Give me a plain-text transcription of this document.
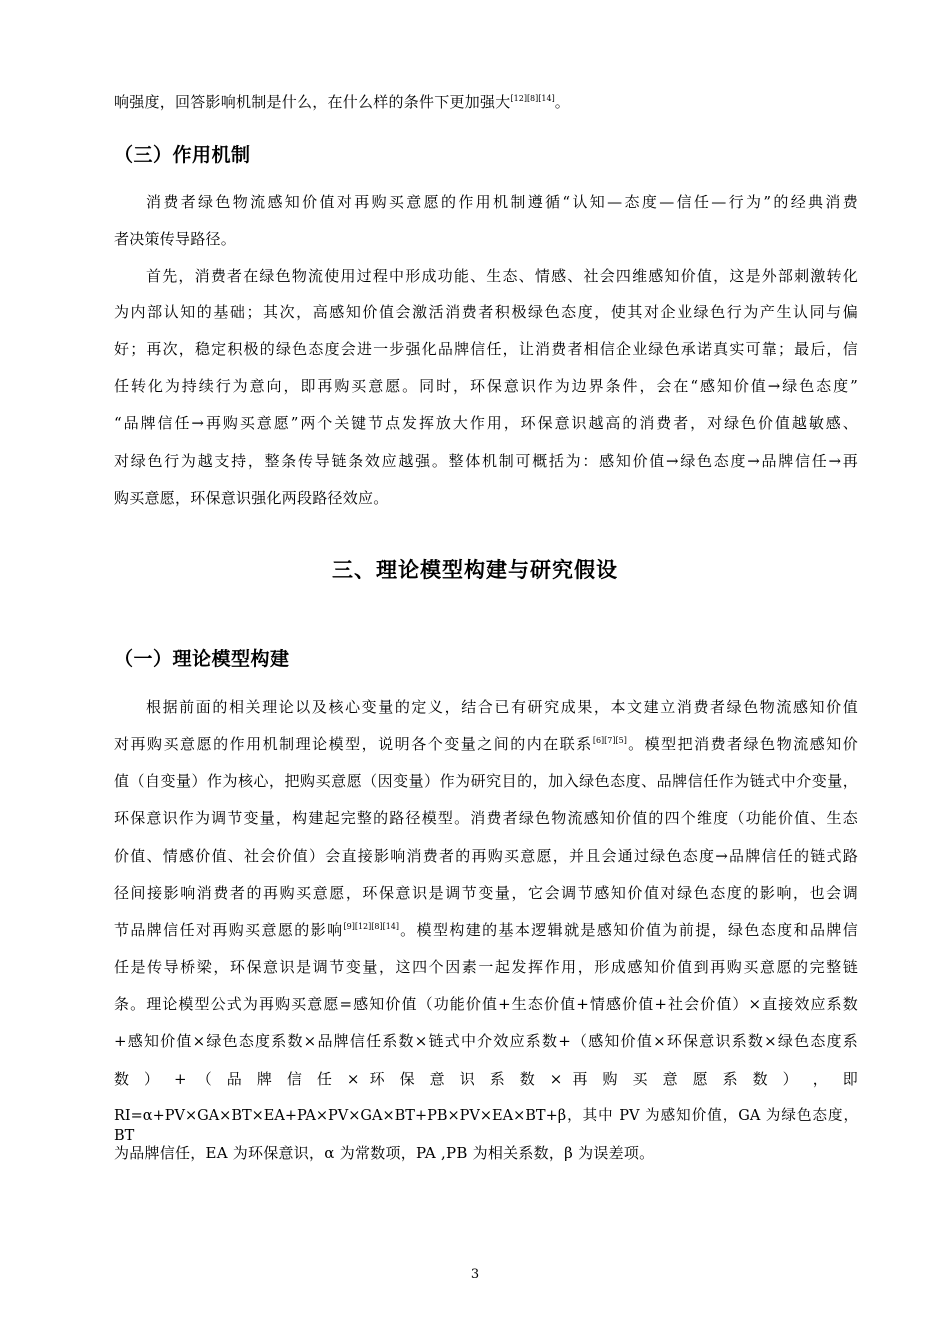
响强度，回答影响机制是什么，在什么样的条件下更加强大[12][8][14]。
（三）作用机制
消费者绿色物流感知价值对再购买意愿的作用机制遵循“认知—态度—信任—行为”的经典消费
者决策传导路径。
首先，消费者在绿色物流使用过程中形成功能、生态、情感、社会四维感知价值，这是外部刺激转化
为内部认知的基础；其次，高感知价值会激活消费者积极绿色态度，使其对企业绿色行为产生认同与偏
好；再次，稳定积极的绿色态度会进一步强化品牌信任，让消费者相信企业绿色承诺真实可靠；最后，信
任转化为持续行为意向，即再购买意愿。同时，环保意识作为边界条件，会在“感知价值→绿色态度”
“品牌信任→再购买意愿”两个关键节点发挥放大作用，环保意识越高的消费者，对绿色价值越敏感、
对绿色行为越支持，整条传导链条效应越强。整体机制可概括为：感知价值→绿色态度→品牌信任→再
购买意愿，环保意识强化两段路径效应。
三、理论模型构建与研究假设
（一）理论模型构建
根据前面的相关理论以及核心变量的定义，结合已有研究成果，本文建立消费者绿色物流感知价值
对再购买意愿的作用机制理论模型，说明各个变量之间的内在联系[6][7][5]。模型把消费者绿色物流感知价
值（自变量）作为核心，把购买意愿（因变量）作为研究目的，加入绿色态度、品牌信任作为链式中介变量，
环保意识作为调节变量，构建起完整的路径模型。消费者绿色物流感知价值的四个维度（功能价值、生态
价值、情感价值、社会价值）会直接影响消费者的再购买意愿，并且会通过绿色态度→品牌信任的链式路
径间接影响消费者的再购买意愿，环保意识是调节变量，它会调节感知价值对绿色态度的影响，也会调
节品牌信任对再购买意愿的影响[9][12][8][14]。模型构建的基本逻辑就是感知价值为前提，绿色态度和品牌信
任是传导桥梁，环保意识是调节变量，这四个因素一起发挥作用，形成感知价值到再购买意愿的完整链
条。理论模型公式为再购买意愿=感知价值（功能价值+生态价值+情感价值+社会价值）×直接效应系数
+感知价值×绿色态度系数×品牌信任系数×链式中介效应系数+（感知价值×环保意识系数×绿色态度系
数 ） + （ 品 牌 信 任 × 环 保 意 识 系 数 × 再 购 买 意 愿 系 数 ） ， 即
RI=α+PV×GA×BT×EA+PA×PV×GA×BT+PB×PV×EA×BT+β，其中 PV 为感知价值，GA 为绿色态度，BT
为品牌信任，EA 为环保意识，α 为常数项，PA ,PB 为相关系数，β 为误差项。
3
